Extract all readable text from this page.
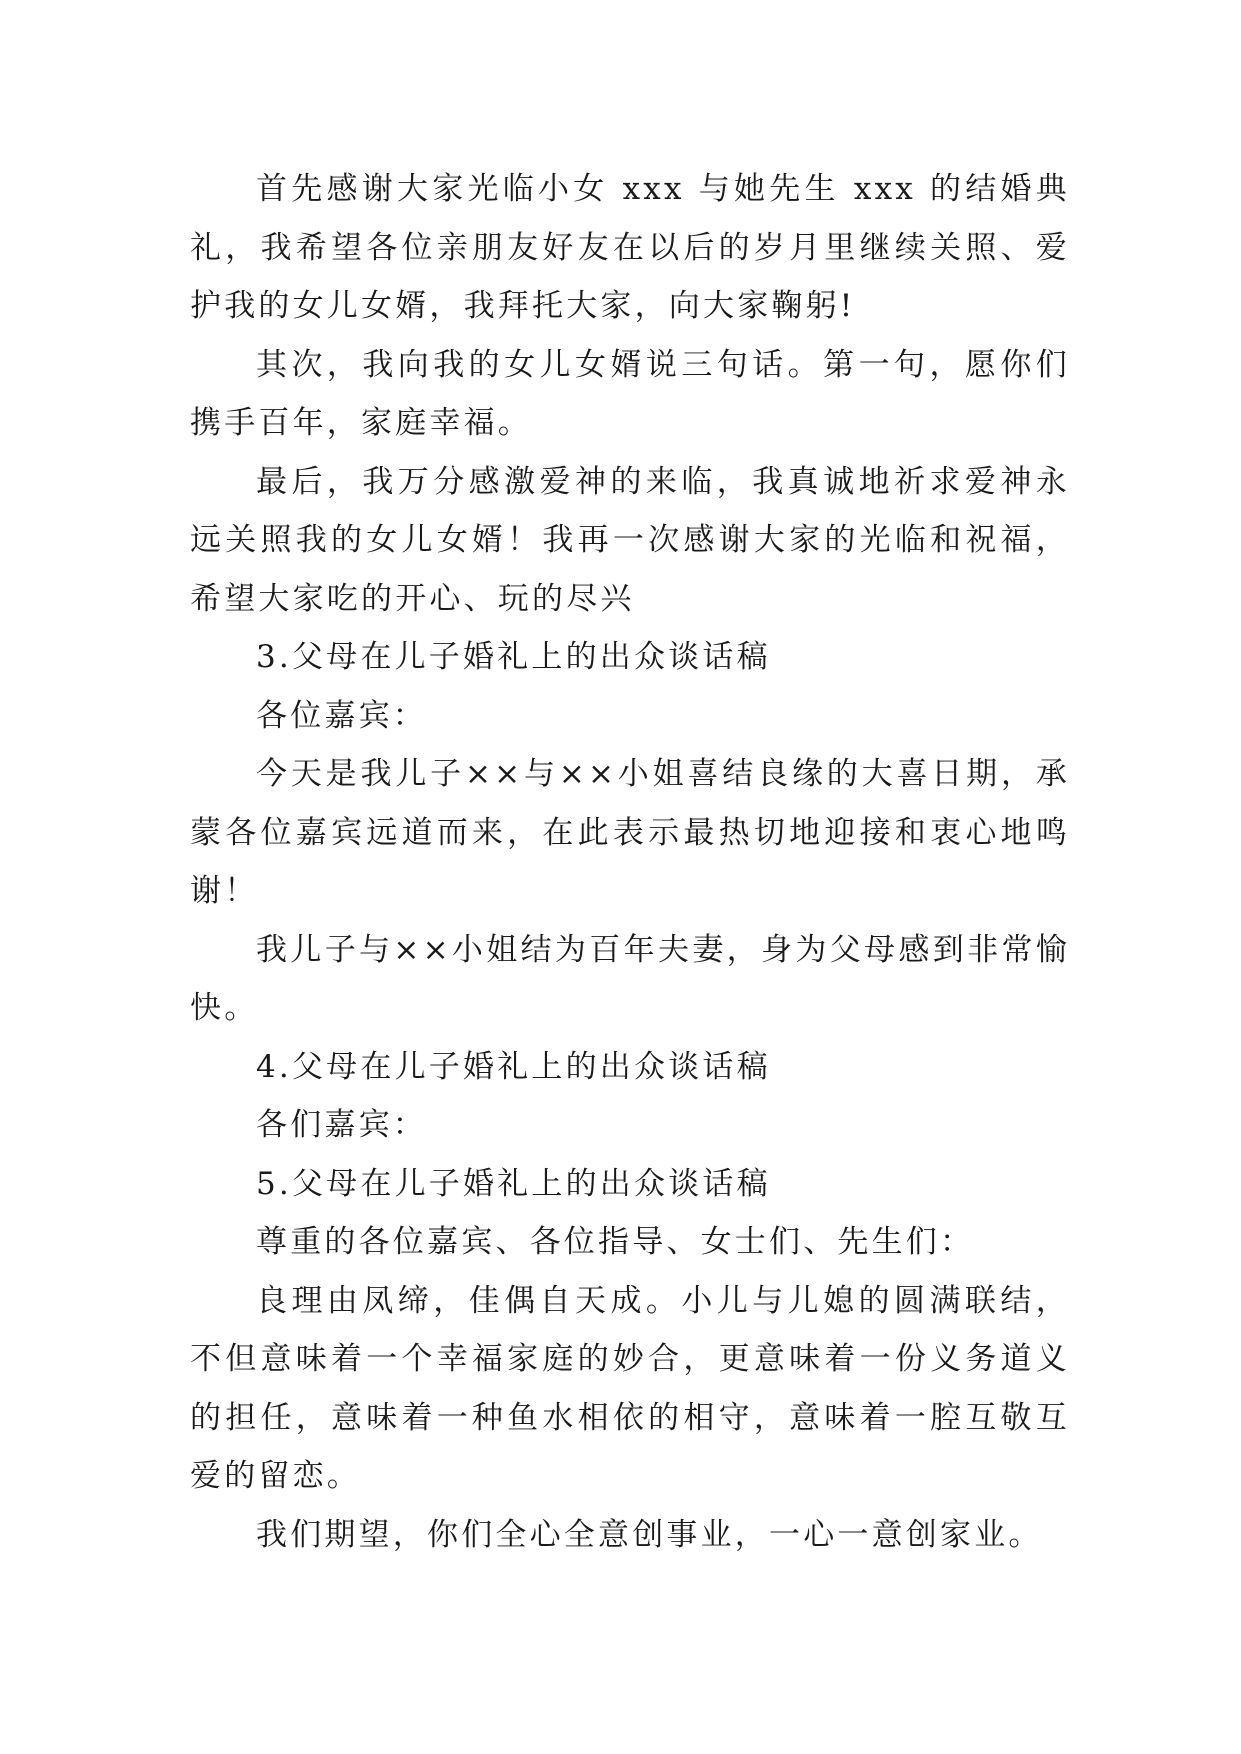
首先感谢大家光临小女 xxx 与她先生 xxx 的结婚典礼，我希望各位亲朋友好友在以后的岁月里继续关照、爱护我的女儿女婿，我拜托大家，向大家鞠躬!

其次，我向我的女儿女婿说三句话。第一句，愿你们携手百年，家庭幸福。

最后，我万分感激爱神的来临，我真诚地祈求爱神永远关照我的女儿女婿！我再一次感谢大家的光临和祝福，希望大家吃的开心、玩的尽兴

3.父母在儿子婚礼上的出众谈话稿

各位嘉宾：

今天是我儿子××与××小姐喜结良缘的大喜日期，承蒙各位嘉宾远道而来，在此表示最热切地迎接和衷心地鸣谢！

我儿子与××小姐结为百年夫妻，身为父母感到非常愉快。

4.父母在儿子婚礼上的出众谈话稿

各们嘉宾：

5.父母在儿子婚礼上的出众谈话稿

尊重的各位嘉宾、各位指导、女士们、先生们：

良理由凤缔，佳偶自天成。小儿与儿媳的圆满联结，不但意味着一个幸福家庭的妙合，更意味着一份义务道义的担任，意味着一种鱼水相依的相守，意味着一腔互敬互爱的留恋。

我们期望，你们全心全意创事业，一心一意创家业。
